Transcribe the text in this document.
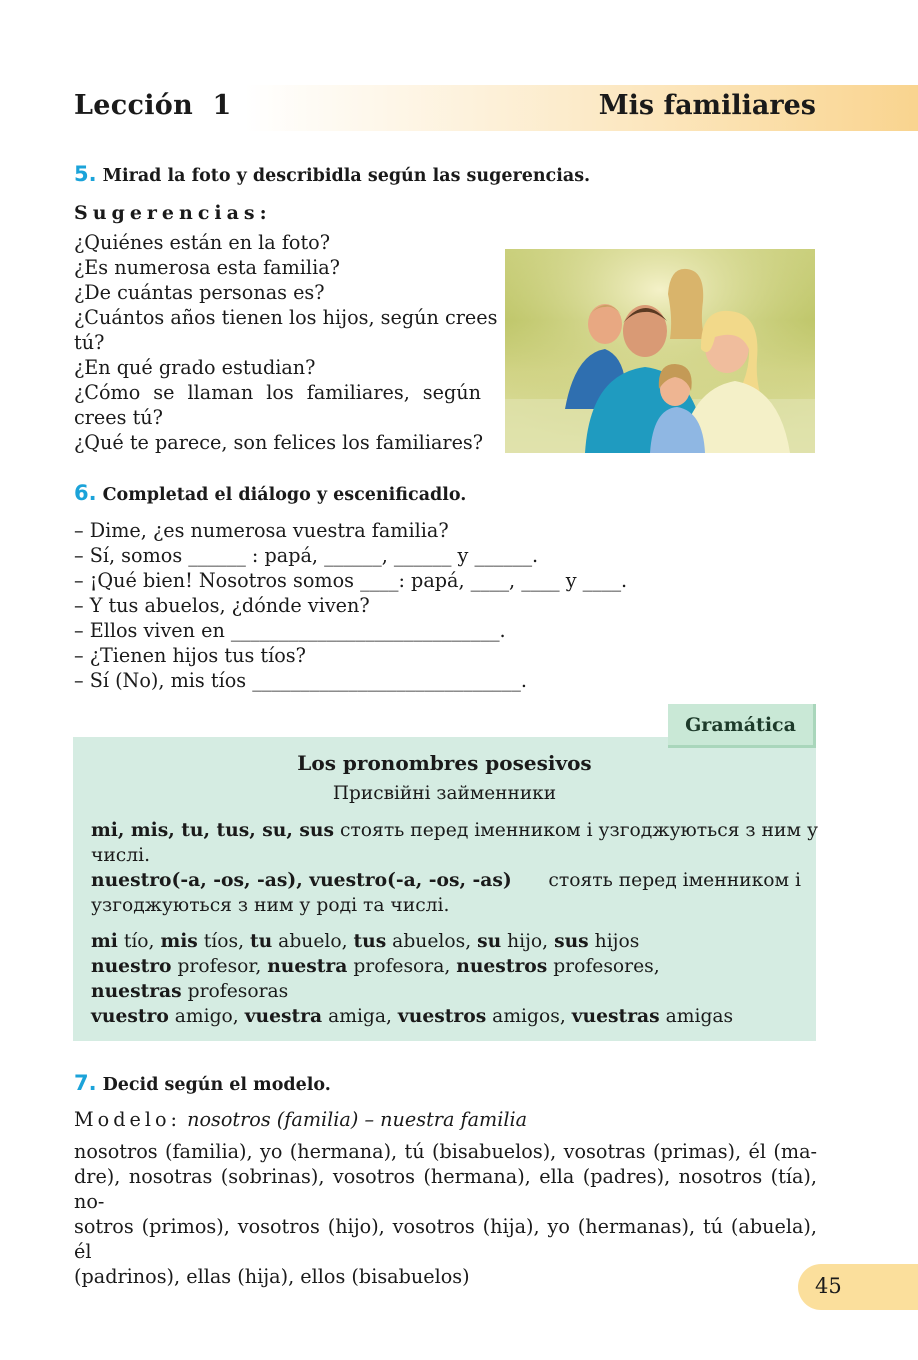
Lección  1	Mis familiares
5. Mirad la foto y describidla según las sugerencias.
Sugerencias:
¿Quiénes están en la foto?
¿Es numerosa esta familia?
¿De cuántas personas es?
¿Cuántos años tienen los hijos, según crees
tú?
¿En qué grado estudian?
¿Cómo se llaman los familiares, según
crees tú?
¿Qué te parece, son felices los familiares?
6. Completad el diálogo y escenificadlo.
– Dime, ¿es numerosa vuestra familia?
– Sí, somos ______ : papá, ______, ______ y ______.
– ¡Qué bien! Nosotros somos ____: papá, ____, ____ y ____.
– Y tus abuelos, ¿dónde viven?
– Ellos viven en ____________________________.
– ¿Tienen hijos tus tíos?
– Sí (No), mis tíos ____________________________.
Los pronombres posesivos
Присвійні займенники
mi, mis, tu, tus, su, sus стоять перед іменником і узгоджуються з ним у
числі.
nuestro(-a, -os, -as), vuestro(-a, -os, -as) стоять перед іменником і
узгоджуються з ним у роді та числі.
mi tío, mis tíos, tu abuelo, tus abuelos, su hijo, sus hijos
nuestro profesor, nuestra profesora, nuestros profesores,
nuestras profesoras
vuestro amigo, vuestra amiga, vuestros amigos, vuestras amigas
Gramática
7. Decid según el modelo.
Modelo: nosotros (familia) – nuestra familia
nosotros (familia), yo (hermana), tú (bisabuelos), vosotras (primas), él (ma-
dre), nosotras (sobrinas), vosotros (hermana), ella (padres), nosotros (tía), no-
sotros (primos), vosotros (hijo), vosotros (hija), yo (hermanas), tú (abuela), él
(padrinos), ellas (hija), ellos (bisabuelos)	45
